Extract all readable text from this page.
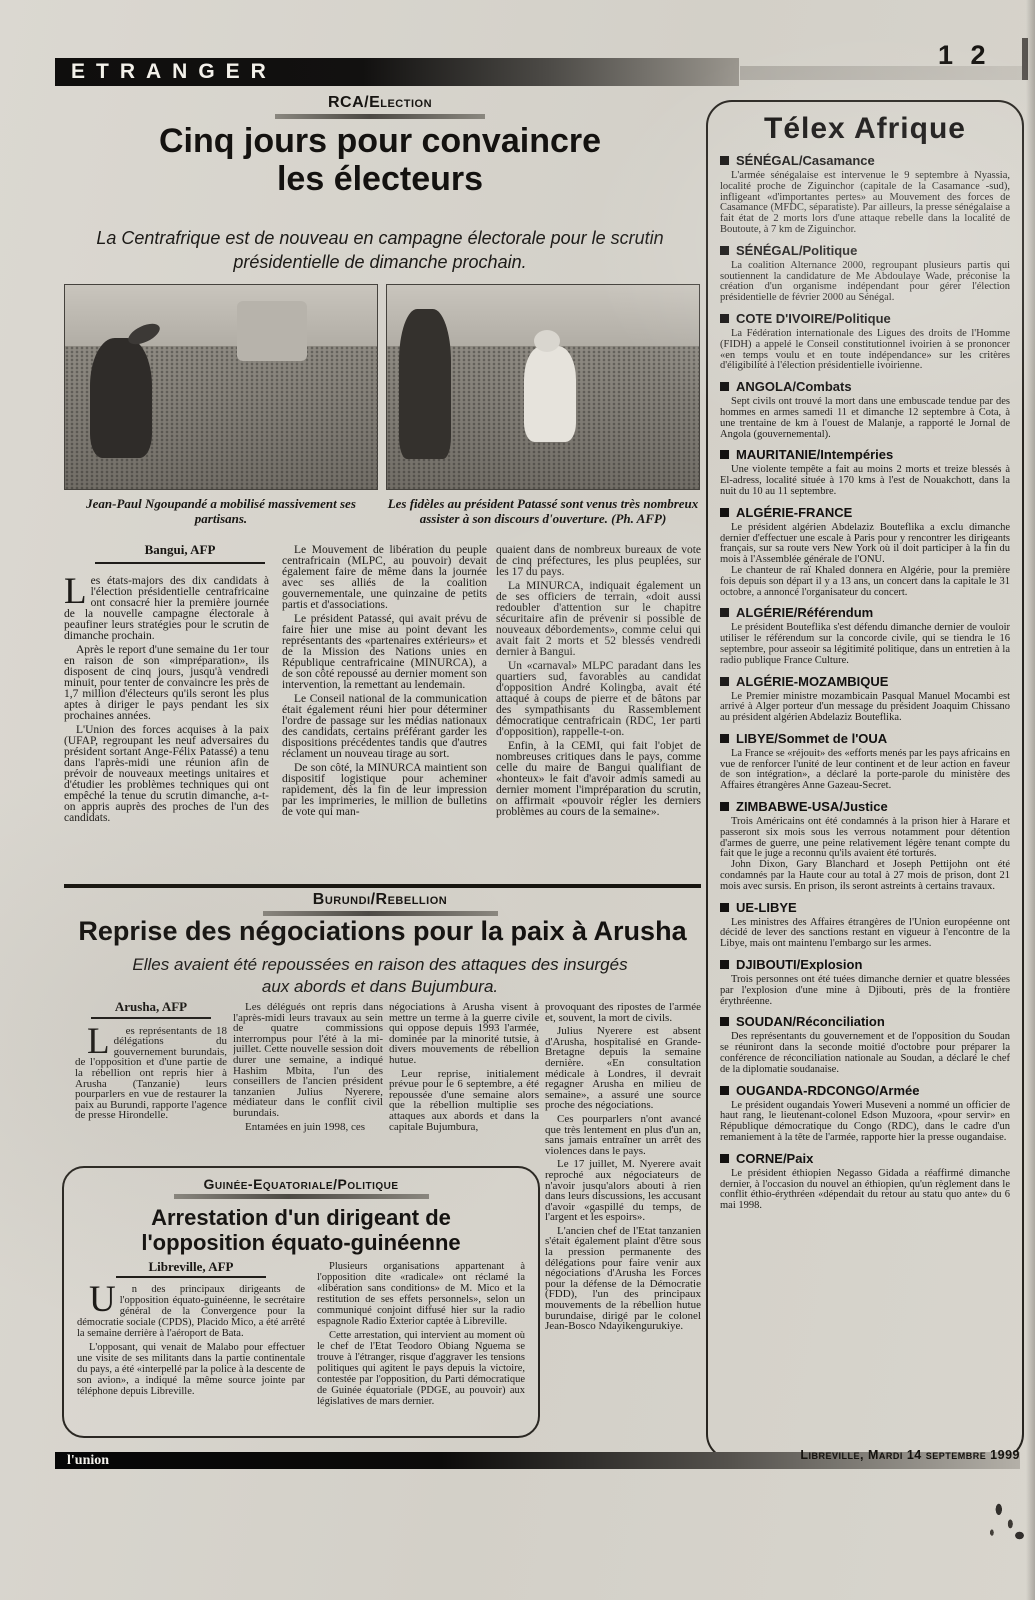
ETRANGER
1 2
RCA/Election
Cinq jours pour convaincre les électeurs
La Centrafrique est de nouveau en campagne électorale pour le scrutin présidentielle de dimanche prochain.
Jean-Paul Ngoupandé a mobilisé massivement ses partisans.
Les fidèles au président Patassé sont venus très nombreux assister à son discours d'ouverture. (Ph. AFP)
Bangui, AFP

Les états-majors des dix candidats à l'élection présidentielle centrafricaine ont consacré hier la première journée de la nouvelle campagne électorale à peaufiner leurs stratégies pour le scrutin de dimanche prochain.

Après le report d'une semaine du 1er tour en raison de son «impréparation», ils disposent de cinq jours, jusqu'à vendredi minuit, pour tenter de convaincre les près de 1,7 million d'électeurs qu'ils seront les plus aptes à diriger le pays pendant les six prochaines années.

L'Union des forces acquises à la paix (UFAP, regroupant les neuf adversaires du président sortant Ange-Félix Patassé) a tenu dans l'après-midi une réunion afin de prévoir de nouveaux meetings unitaires et d'étudier les problèmes techniques qui ont empêché la tenue du scrutin dimanche, a-t-on appris auprès des proches de l'un des candidats.

Le Mouvement de libération du peuple centrafricain (MLPC, au pouvoir) devait également faire de même dans la journée avec ses alliés de la coalition gouvernementale, une quinzaine de petits partis et d'associations.

Le président Patassé, qui avait prévu de faire hier une mise au point devant les représentants des «partenaires extérieurs» et de la Mission des Nations unies en République centrafricaine (MINURCA), a de son côté repoussé au dernier moment son intervention, la remettant au lendemain.

Le Conseil national de la communication était également réuni hier pour déterminer l'ordre de passage sur les médias nationaux des candidats, certains préférant garder les dispositions précédentes tandis que d'autres réclament un nouveau tirage au sort.

De son côté, la MINURCA maintient son dispositif logistique pour acheminer rapidement, dès la fin de leur impression par les imprimeries, le million de bulletins de vote qui man-

quaient dans de nombreux bureaux de vote de cinq préfectures, les plus peuplées, sur les 17 du pays.

La MINURCA, indiquait également un de ses officiers de terrain, «doit aussi redoubler d'attention sur le chapitre sécuritaire afin de prévenir si possible de nouveaux débordements», comme celui qui avait fait 2 morts et 52 blessés vendredi dernier à Bangui.

Un «carnaval» MLPC paradant dans les quartiers sud, favorables au candidat d'opposition André Kolingba, avait été attaqué à coups de pierre et de bâtons par des sympathisants du Rassemblement démocratique centrafricain (RDC, 1er parti d'opposition), rappelle-t-on.

Enfin, à la CEMI, qui fait l'objet de nombreuses critiques dans le pays, comme celle du maire de Bangui qualifiant de «honteux» le fait d'avoir admis samedi au dernier moment l'impréparation du scrutin, on affirmait «pouvoir régler les derniers problèmes au cours de la semaine».

Burundi/Rebellion
Reprise des négociations pour la paix à Arusha
Elles avaient été repoussées en raison des attaques des insurgés aux abords et dans Bujumbura.
Arusha, AFP

L	es représentants de 18 délégations du gouvernement burundais, de l'opposition et d'une partie de la rébellion ont repris hier à Arusha (Tanzanie) leurs pourparlers en vue de restaurer la paix au Burundi, rapporte l'agence de presse Hirondelle.

Les délégués ont repris dans l'après-midi leurs travaux au sein de quatre commissions interrompus pour l'été à la mi-juillet. Cette nouvelle session doit durer une semaine, a indiqué Hashim Mbita, l'un des conseillers de l'ancien président tanzanien Julius Nyerere, médiateur dans le conflit civil burundais.

Entamées en juin 1998, ces

négociations à Arusha visent à mettre un terme à la guerre civile qui oppose depuis 1993 l'armée, dominée par la minorité tutsie, à divers mouvements de rébellion hutue.

Leur reprise, initialement prévue pour le 6 septembre, a été repoussée d'une semaine alors que la rébellion multiplie ses attaques aux abords et dans la capitale Bujumbura,

provoquant des ripostes de l'armée et, souvent, la mort de civils.

Julius Nyerere est absent d'Arusha, hospitalisé en Grande-Bretagne depuis la semaine dernière. «En consultation médicale à Londres, il devrait regagner Arusha en milieu de semaine», a assuré une source proche des négociations.

Ces pourparlers n'ont avancé que très lentement en plus d'un an, sans jamais entraîner un arrêt des violences dans le pays.

Le 17 juillet, M. Nyerere avait reproché aux négociateurs de n'avoir jusqu'alors abouti à rien dans leurs discussions, les accusant d'avoir «gaspillé du temps, de l'argent et les espoirs».

L'ancien chef de l'Etat tanzanien s'était également plaint d'être sous la pression permanente des délégations pour faire venir aux négociations d'Arusha les Forces pour la défense de la Démocratie (FDD), l'un des principaux mouvements de la rébellion hutue burundaise, dirigé par le colonel Jean-Bosco Ndayikengurukiye.

Guinée-Equatoriale/Politique
Arrestation d'un dirigeant de l'opposition équato-guinéenne
Libreville, AFP

U	n des principaux dirigeants de l'opposition équato-guinéenne, le secrétaire général de la Convergence pour la démocratie sociale (CPDS), Placido Mico, a été arrêté la semaine derrière à l'aéroport de Bata.

L'opposant, qui venait de Malabo pour effectuer une visite de ses militants dans la partie continentale du pays, a été «interpellé par la police à la descente de son avion», a indiqué la même source jointe par téléphone depuis Libreville.

Plusieurs organisations appartenant à l'opposition dite «radicale» ont réclamé la «libération sans conditions» de M. Mico et la restitution de ses effets personnels», selon un communiqué conjoint diffusé hier sur la radio espagnole Radio Exterior captée à Libreville.

Cette arrestation, qui intervient au moment où le chef de l'Etat Teodoro Obiang Nguema se trouve à l'étranger, risque d'aggraver les tensions politiques qui agitent le pays depuis la victoire, contestée par l'opposition, du Parti démocratique de Guinée équatoriale (PDGE, au pouvoir) aux législatives de mars dernier.

Télex Afrique
SÉNÉGAL/Casamance

L'armée sénégalaise est intervenue le 9 septembre à Nyassia, localité proche de Ziguinchor (capitale de la Casamance -sud), infligeant «d'importantes pertes» au Mouvement des forces de Casamance (MFDC, séparatiste). Par ailleurs, la presse sénégalaise a fait état de 2 morts lors d'une attaque rebelle dans la localité de Boutoute, à 7 km de Ziguinchor.

SÉNÉGAL/Politique

La coalition Alternance 2000, regroupant plusieurs partis qui soutiennent la candidature de Me Abdoulaye Wade, préconise la création d'un organisme indépendant pour gérer l'élection présidentielle de février 2000 au Sénégal.

COTE D'IVOIRE/Politique

La Fédération internationale des Ligues des droits de l'Homme (FIDH) a appelé le Conseil constitutionnel ivoirien à se prononcer «en temps voulu et en toute indépendance» sur les critères d'éligibilité à l'élection présidentielle ivoirienne.

ANGOLA/Combats

Sept civils ont trouvé la mort dans une embuscade tendue par des hommes en armes samedi 11 et dimanche 12 septembre à Cota, à une trentaine de km à l'ouest de Malanje, a rapporté le Jornal de Angola (gouvernemental).

MAURITANIE/Intempéries

Une violente tempête a fait au moins 2 morts et treize blessés à El-adress, localité située à 170 kms à l'est de Nouakchott, dans la nuit du 10 au 11 septembre.

ALGÉRIE-FRANCE

Le président algérien Abdelaziz Bouteflika a exclu dimanche dernier d'effectuer une escale à Paris pour y rencontrer les dirigeants français, sur sa route vers New York où il doit participer à la fin du mois à l'Assemblée générale de l'ONU.

Le chanteur de raï Khaled donnera en Algérie, pour la première fois depuis son départ il y a 13 ans, un concert dans la capitale le 31 octobre, a annoncé l'organisateur du concert.

ALGÉRIE/Référendum

Le président Bouteflika s'est défendu dimanche dernier de vouloir utiliser le référendum sur la concorde civile, qui se tiendra le 16 septembre, pour asseoir sa légitimité politique, dans un entretien à la radio publique France Culture.

ALGÉRIE-MOZAMBIQUE

Le Premier ministre mozambicain Pasqual Manuel Mocambi est arrivé à Alger porteur d'un message du président Joaquim Chissano au président algérien Abdelaziz Bouteflika.

LIBYE/Sommet de l'OUA

La France se «réjouit» des «efforts menés par les pays africains en vue de renforcer l'unité de leur continent et de leur action en faveur de son intégration», a déclaré la porte-parole du ministère des Affaires étrangères Anne Gazeau-Secret.

ZIMBABWE-USA/Justice

Trois Américains ont été condamnés à la prison hier à Harare et passeront six mois sous les verrous notamment pour détention d'armes de guerre, une peine relativement légère tenant compte du fait que le juge a reconnu qu'ils avaient été torturés.

John Dixon, Gary Blanchard et Joseph Pettijohn ont été condamnés par la Haute cour au total à 27 mois de prison, dont 21 mois avec sursis. En prison, ils seront astreints à certains travaux.

UE-LIBYE

Les ministres des Affaires étrangères de l'Union européenne ont décidé de lever des sanctions restant en vigueur à l'encontre de la Libye, mais ont maintenu l'embargo sur les armes.

DJIBOUTI/Explosion

Trois personnes ont été tuées dimanche dernier et quatre blessées par l'explosion d'une mine à Djibouti, près de la frontière érythréenne.

SOUDAN/Réconciliation

Des représentants du gouvernement et de l'opposition du Soudan se réuniront dans la seconde moitié d'octobre pour préparer la conférence de réconciliation nationale au Soudan, a déclaré le chef de la diplomatie soudanaise.

OUGANDA-RDCONGO/Armée

Le président ougandais Yoweri Museveni a nommé un officier de haut rang, le lieutenant-colonel Edson Muzoora, «pour servir» en République démocratique du Congo (RDC), dans le cadre d'un remaniement à la tête de l'armée, rapporte hier la presse ougandaise.

CORNE/Paix

Le président éthiopien Negasso Gidada a réaffirmé dimanche dernier, à l'occasion du nouvel an éthiopien, qu'un règlement dans le conflit éthio-érythréen «dépendait du retour au statu quo ante» du 6 mai 1998.

l'union	Libreville, Mardi 14 septembre 1999
